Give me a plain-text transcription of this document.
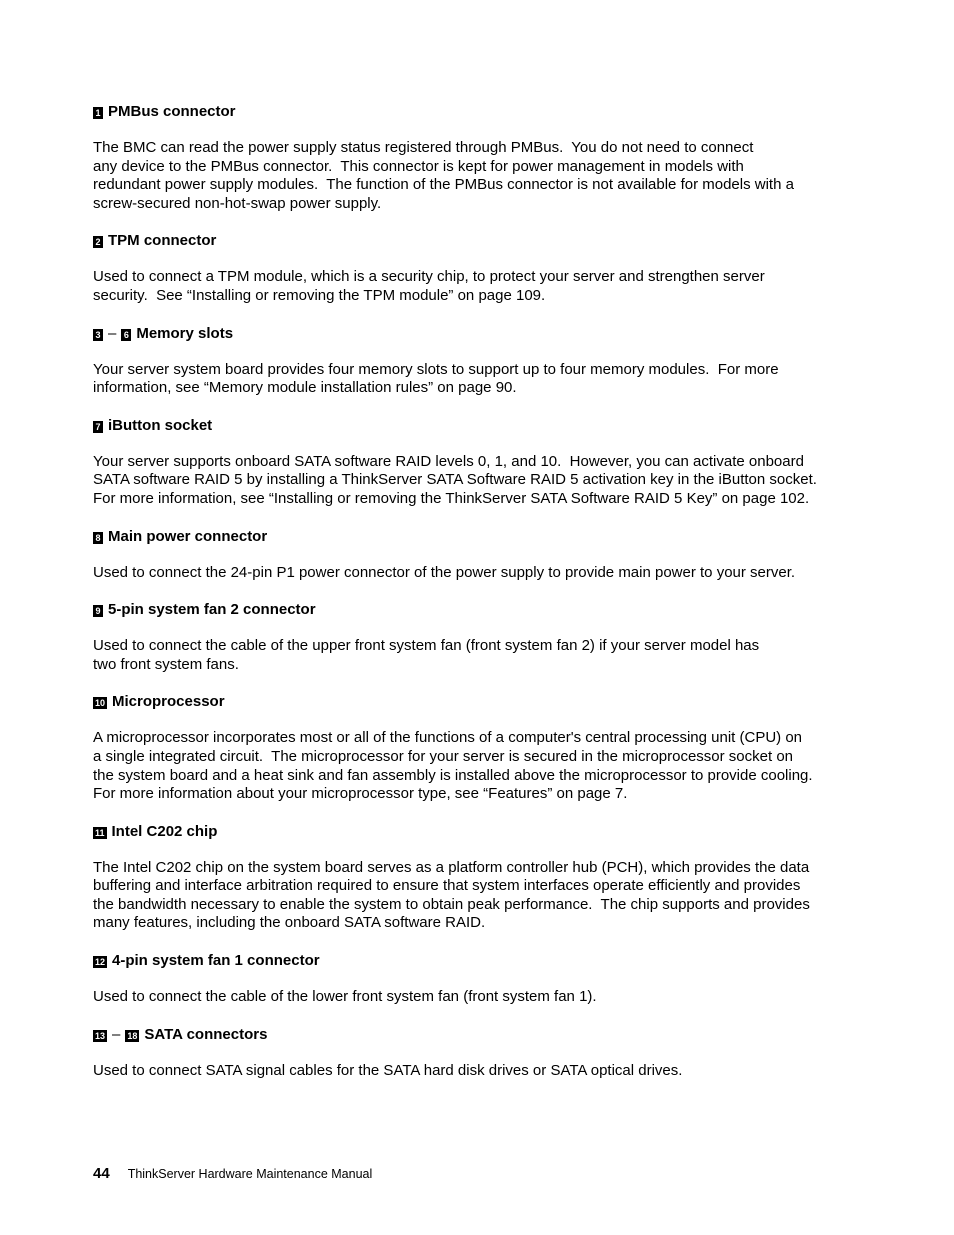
1 PMBus connector
The BMC can read the power supply status registered through PMBus.  You do not need to connect
any device to the PMBus connector.  This connector is kept for power management in models with
redundant power supply modules.  The function of the PMBus connector is not available for models with a
screw-secured non-hot-swap power supply.
2 TPM connector
Used to connect a TPM module, which is a security chip, to protect your server and strengthen server
security.  See “Installing or removing the TPM module” on page 109.
3 – 6 Memory slots
Your server system board provides four memory slots to support up to four memory modules.  For more
information, see “Memory module installation rules” on page 90.
7 iButton socket
Your server supports onboard SATA software RAID levels 0, 1, and 10.  However, you can activate onboard
SATA software RAID 5 by installing a ThinkServer SATA Software RAID 5 activation key in the iButton socket.
For more information, see “Installing or removing the ThinkServer SATA Software RAID 5 Key” on page 102.
8 Main power connector
Used to connect the 24-pin P1 power connector of the power supply to provide main power to your server.
9 5-pin system fan 2 connector
Used to connect the cable of the upper front system fan (front system fan 2) if your server model has
two front system fans.
10 Microprocessor
A microprocessor incorporates most or all of the functions of a computer's central processing unit (CPU) on
a single integrated circuit.  The microprocessor for your server is secured in the microprocessor socket on
the system board and a heat sink and fan assembly is installed above the microprocessor to provide cooling.
For more information about your microprocessor type, see “Features” on page 7.
11 Intel C202 chip
The Intel C202 chip on the system board serves as a platform controller hub (PCH), which provides the data
buffering and interface arbitration required to ensure that system interfaces operate efficiently and provides
the bandwidth necessary to enable the system to obtain peak performance.  The chip supports and provides
many features, including the onboard SATA software RAID.
12 4-pin system fan 1 connector
Used to connect the cable of the lower front system fan (front system fan 1).
13 – 18 SATA connectors
Used to connect SATA signal cables for the SATA hard disk drives or SATA optical drives.
44 ThinkServer Hardware Maintenance Manual
